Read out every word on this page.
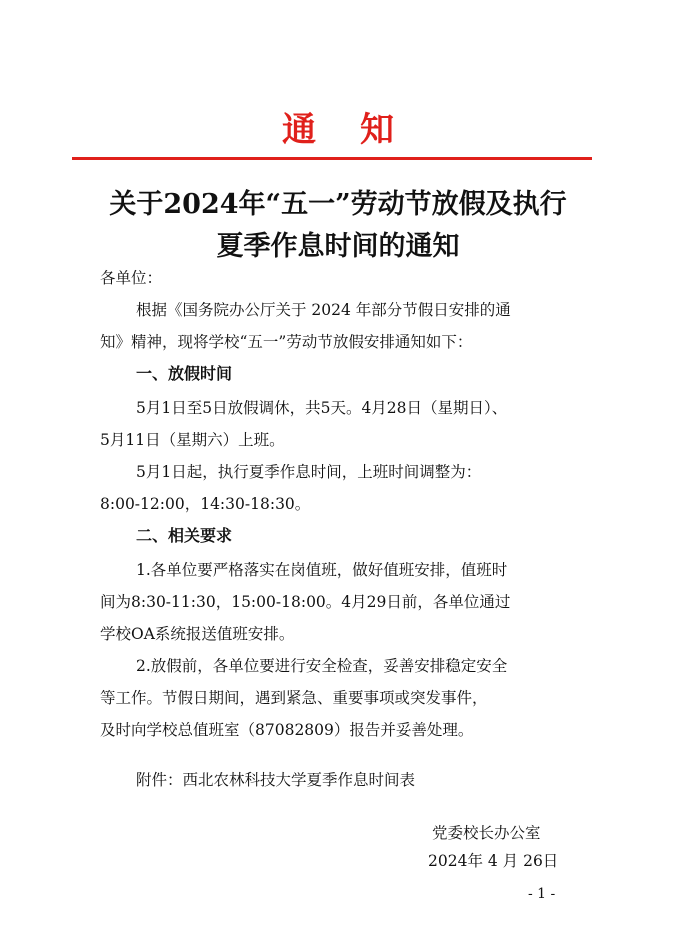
通知
关于2024年“五一”劳动节放假及执行
夏季作息时间的通知
各单位：
根据《国务院办公厅关于 2024 年部分节假日安排的通
知》精神，现将学校“五一”劳动节放假安排通知如下：
一、放假时间
5月1日至5日放假调休，共5天。4月28日（星期日）、
5月11日（星期六）上班。
5月1日起，执行夏季作息时间，上班时间调整为：
8:00-12:00，14:30-18:30。
二、相关要求
1.各单位要严格落实在岗值班，做好值班安排，值班时
间为8:30-11:30，15:00-18:00。4月29日前，各单位通过
学校OA系统报送值班安排。
2.放假前，各单位要进行安全检查，妥善安排稳定安全
等工作。节假日期间，遇到紧急、重要事项或突发事件，
及时向学校总值班室（87082809）报告并妥善处理。
附件：西北农林科技大学夏季作息时间表
党委校长办公室
2024年 4 月 26日
- 1 -
